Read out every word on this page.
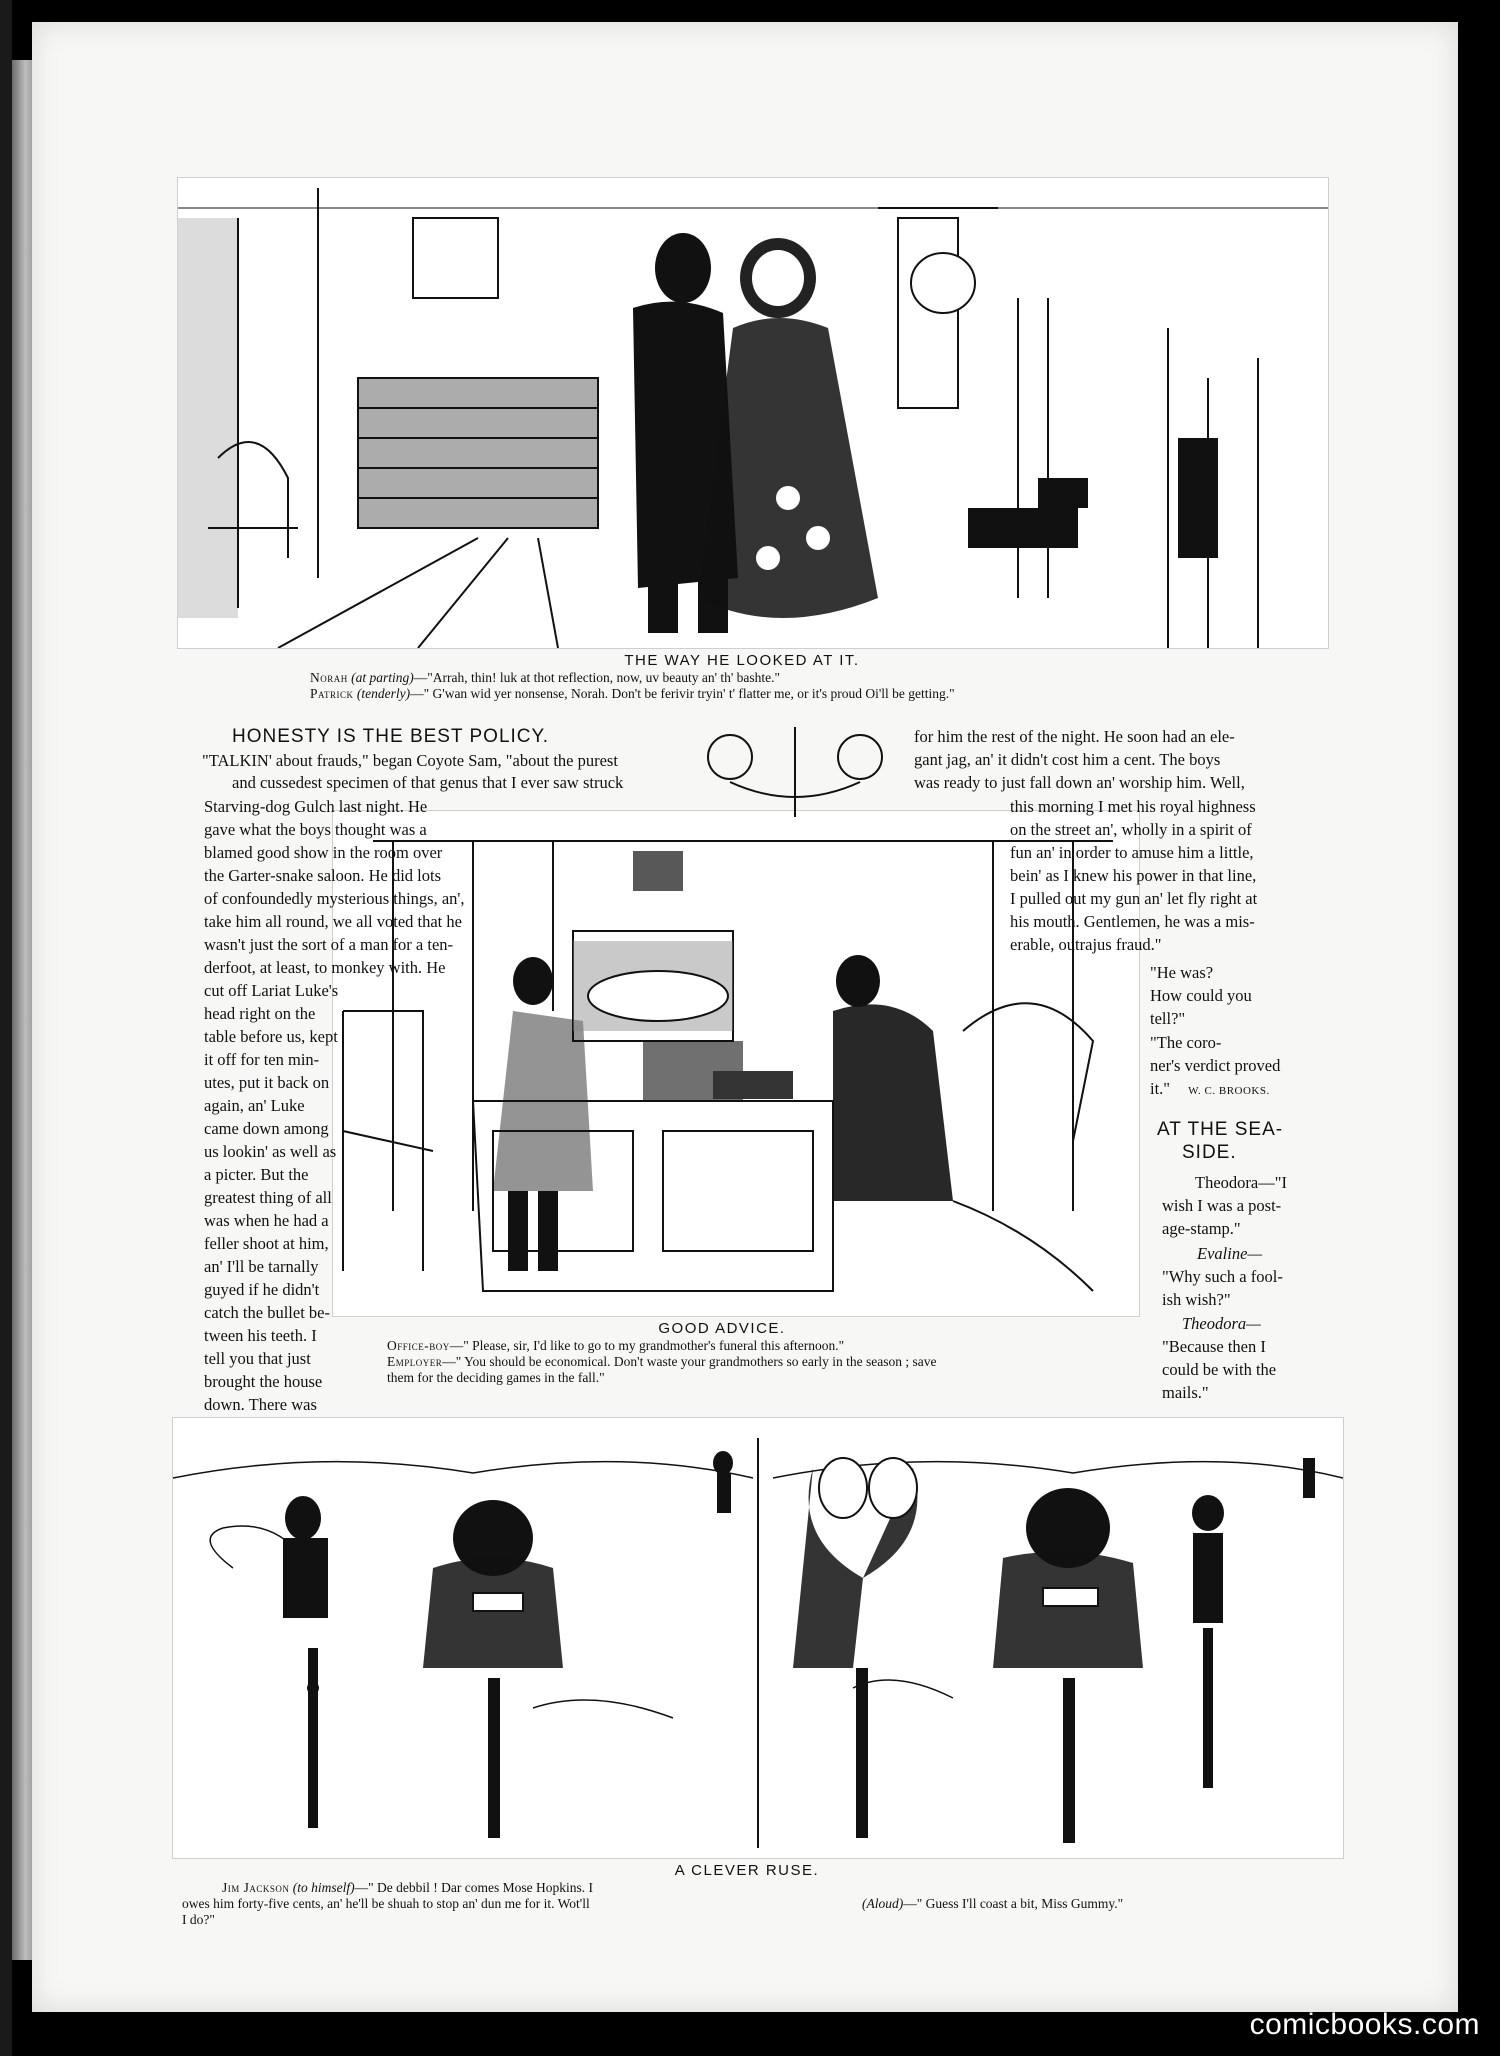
THE WAY HE LOOKED AT IT.
Norah (at parting)—"Arrah, thin! luk at thot reflection, now, uv beauty an' th' bashte."
Patrick (tenderly)—" G'wan wid yer nonsense, Norah. Don't be ferivir tryin' t' flatter me, or it's proud Oi'll be getting."
HONESTY IS THE BEST POLICY.
"TALKIN' about frauds," began Coyote Sam, "about the purest
and cussedest specimen of that genus that I ever saw struck
Starving-dog Gulch last night. He
gave what the boys thought was a
blamed good show in the room over
the Garter-snake saloon. He did lots
of confoundedly mysterious things, an',
take him all round, we all voted that he
wasn't just the sort of a man for a ten-
derfoot, at least, to monkey with. He
cut off Lariat Luke's
head right on the
table before us, kept
it off for ten min-
utes, put it back on
again, an' Luke
came down among
us lookin' as well as
a picter. But the
greatest thing of all
was when he had a
feller shoot at him,
an' I'll be tarnally
guyed if he didn't
catch the bullet be-
tween his teeth. I
tell you that just
brought the house
down. There was
for him the rest of the night. He soon had an ele-
gant jag, an' it didn't cost him a cent. The boys
was ready to just fall down an' worship him. Well,
this morning I met his royal highness
on the street an', wholly in a spirit of
fun an' in order to amuse him a little,
bein' as I knew his power in that line,
I pulled out my gun an' let fly right at
his mouth. Gentlemen, he was a mis-
erable, outrajus fraud."
"He was?
How could you
tell?"
"The coro-
ner's verdict proved
it." W. C. BROOKS.
GOOD ADVICE.
Office-boy—" Please, sir, I'd like to go to my grandmother's funeral this afternoon."
Employer—" You should be economical. Don't waste your grandmothers so early in the season ; save
them for the deciding games in the fall."
AT THE SEA-
SIDE.
Theodora—"I
wish I was a post-
age-stamp."
Evaline—
"Why such a fool-
ish wish?"
Theodora—
"Because then I
could be with the
mails."
A CLEVER RUSE.
Jim Jackson (to himself)—" De debbil ! Dar comes Mose Hopkins. I
owes him forty-five cents, an' he'll be shuah to stop an' dun me for it. Wot'll
I do?"
(Aloud)—" Guess I'll coast a bit, Miss Gummy."
comicbooks.com
